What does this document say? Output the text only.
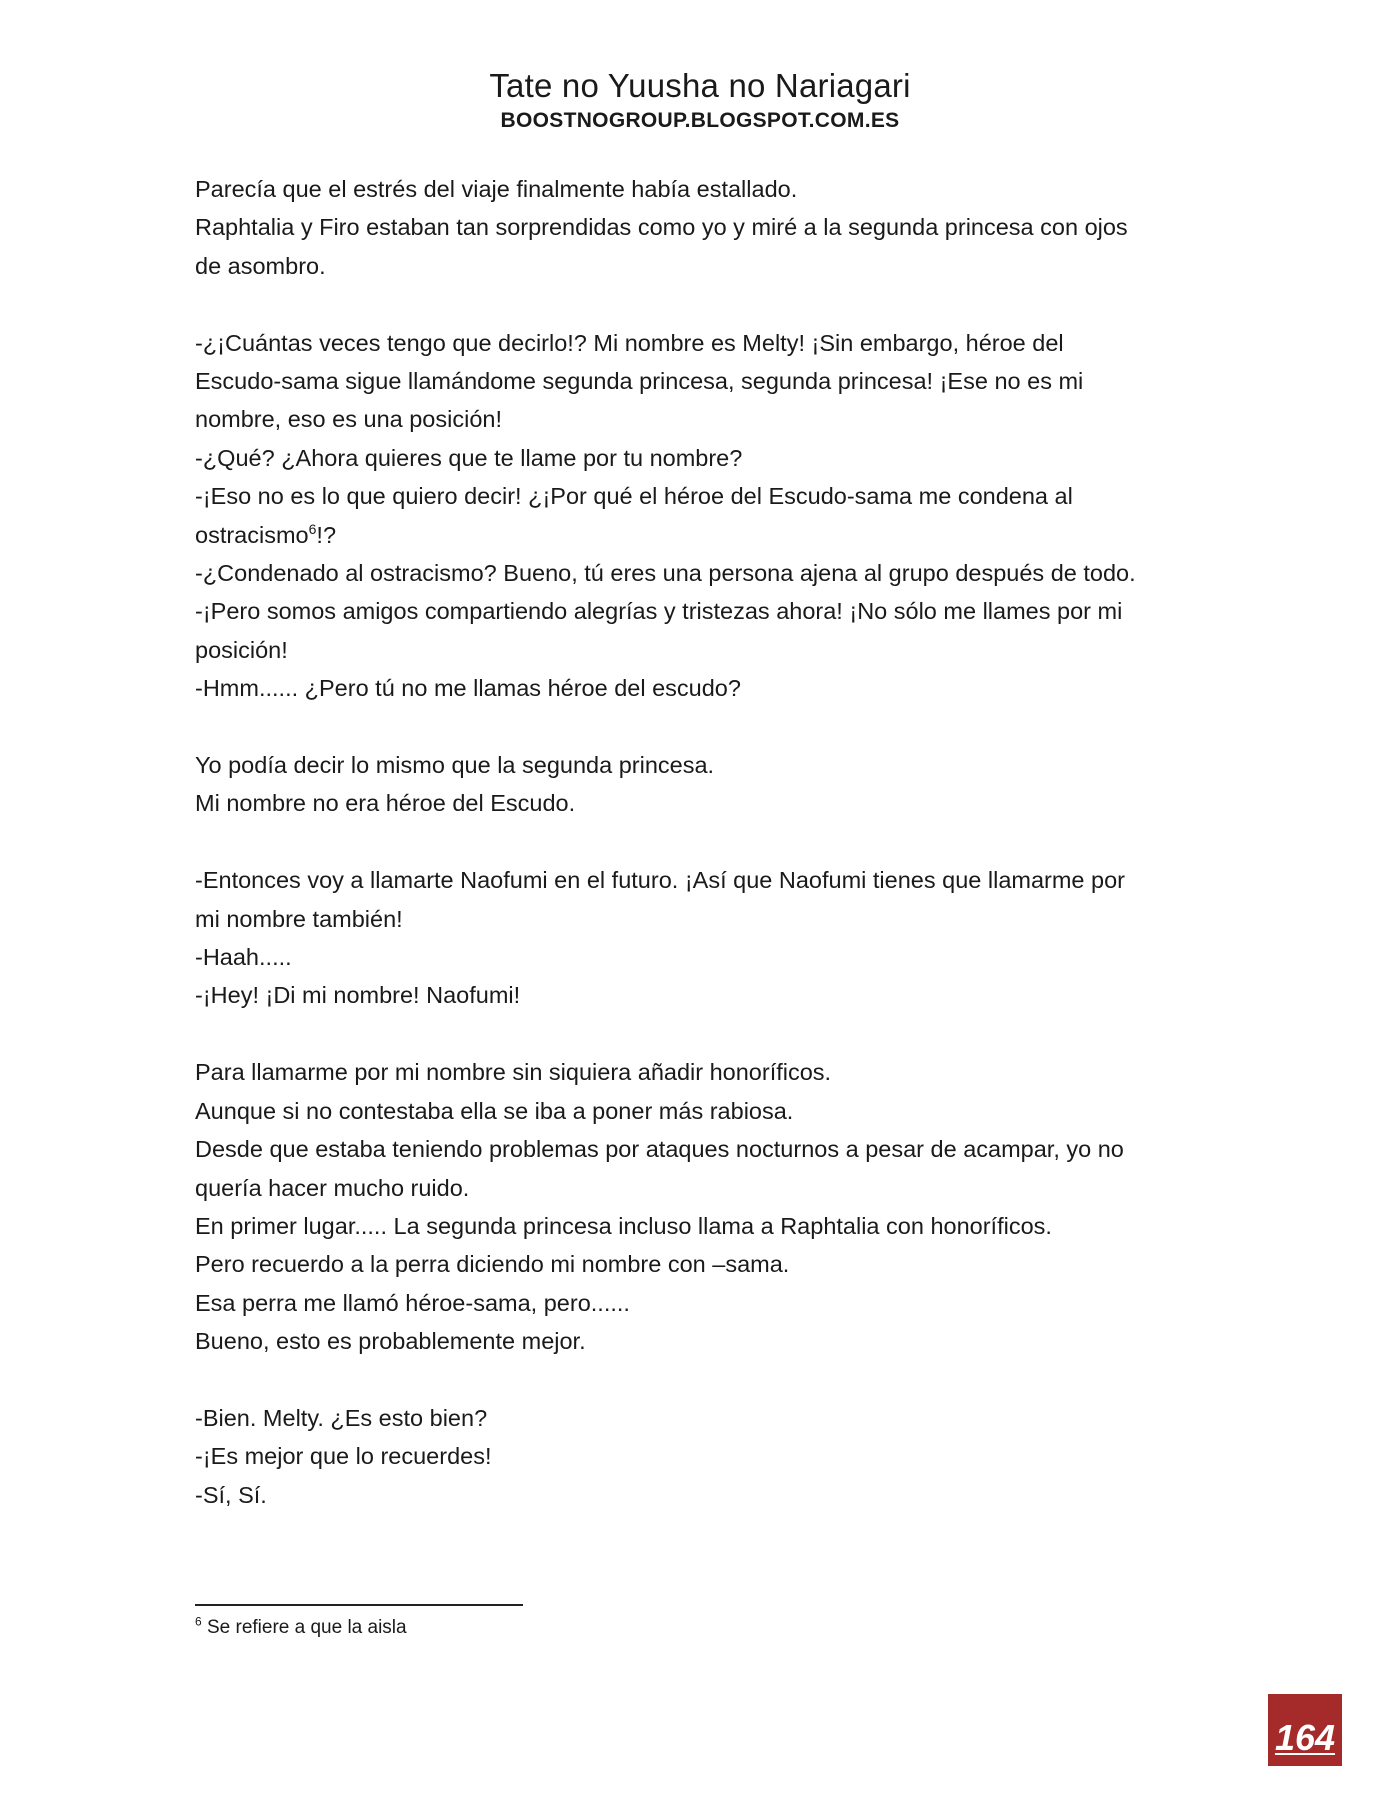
Tate no Yuusha no Nariagari
BOOSTNOGROUP.BLOGSPOT.COM.ES
Parecía que el estrés del viaje finalmente había estallado.
Raphtalia y Firo estaban tan sorprendidas como yo y miré a la segunda princesa con ojos
de asombro.
-¿¡Cuántas veces tengo que decirlo!? Mi nombre es Melty! ¡Sin embargo, héroe del
Escudo-sama sigue llamándome segunda princesa, segunda princesa! ¡Ese no es mi
nombre, eso es una posición!
-¿Qué? ¿Ahora quieres que te llame por tu nombre?
-¡Eso no es lo que quiero decir! ¿¡Por qué el héroe del Escudo-sama me condena al
ostracismo$^6$!?
-¿Condenado al ostracismo? Bueno, tú eres una persona ajena al grupo después de todo.
-¡Pero somos amigos compartiendo alegrías y tristezas ahora! ¡No sólo me llames por mi
posición!
-Hmm...... ¿Pero tú no me llamas héroe del escudo?
Yo podía decir lo mismo que la segunda princesa.
Mi nombre no era héroe del Escudo.
-Entonces voy a llamarte Naofumi en el futuro. ¡Así que Naofumi tienes que llamarme por
mi nombre también!
-Haah.....
-¡Hey! ¡Di mi nombre! Naofumi!
Para llamarme por mi nombre sin siquiera añadir honoríficos.
Aunque si no contestaba ella se iba a poner más rabiosa.
Desde que estaba teniendo problemas por ataques nocturnos a pesar de acampar, yo no
quería hacer mucho ruido.
En primer lugar..... La segunda princesa incluso llama a Raphtalia con honoríficos.
Pero recuerdo a la perra diciendo mi nombre con –sama.
Esa perra me llamó héroe-sama, pero......
Bueno, esto es probablemente mejor.
-Bien. Melty. ¿Es esto bien?
-¡Es mejor que lo recuerdes!
-Sí, Sí.
$^6$ Se refiere a que la aisla
164
